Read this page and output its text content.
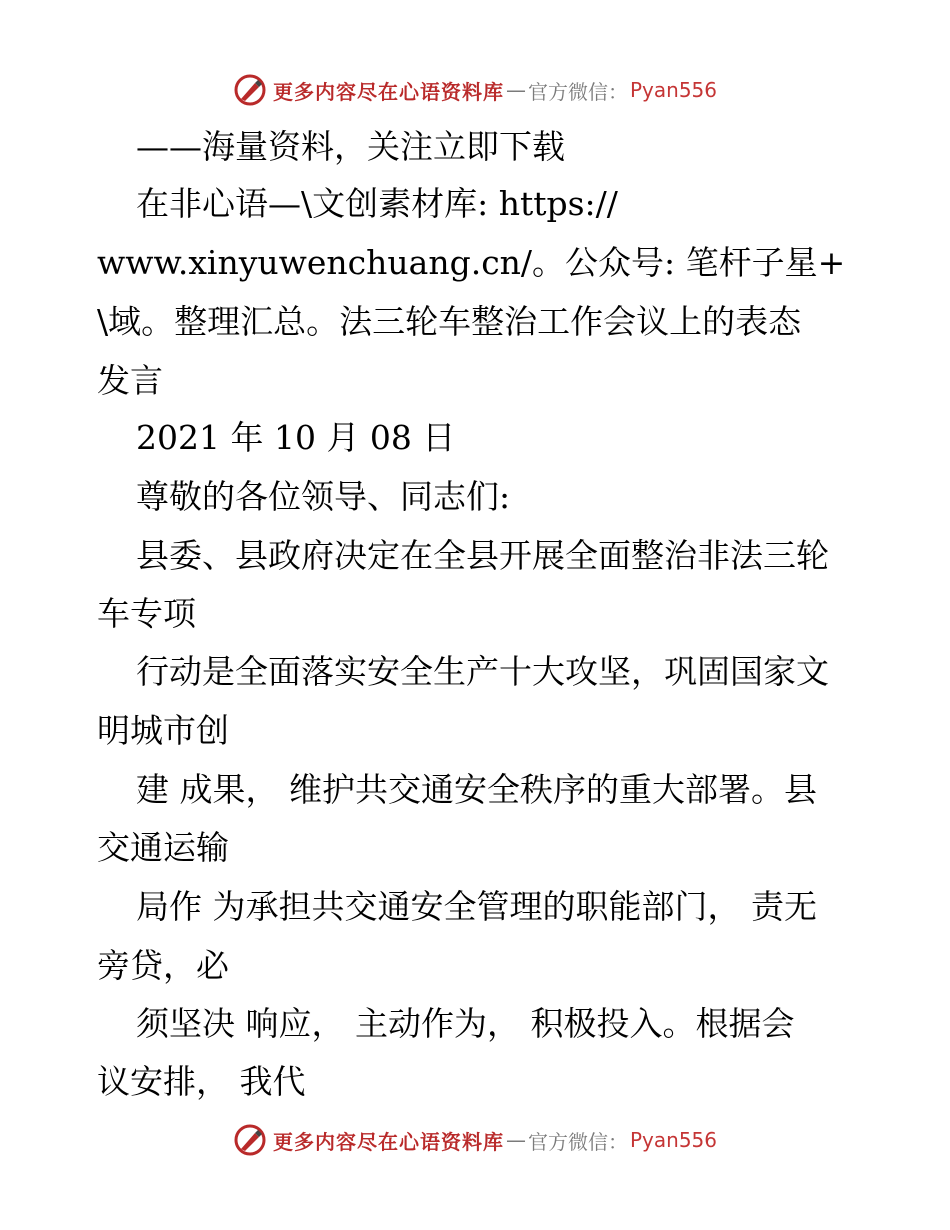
更多内容尽在心语资料库 — 官方微信： Pyan556
——海量资料，关注立即下载
在非心语—\文创素材库: https://
www.xinyuwenchuang.cn/。公众号: 笔杆子星+
\域。整理汇总。法三轮车整治工作会议上的表态
发言
2021 年 10 月 08 日
尊敬的各位领导、同志们:
县委、县政府决定在全县开展全面整治非法三轮
车专项
行动是全面落实安全生产十大攻坚，巩固国家文
明城市创
建 成果， 维护共交通安全秩序的重大部署。县
交通运输
局作 为承担共交通安全管理的职能部门， 责无
旁贷，必
须坚决 响应， 主动作为， 积极投入。根据会
议安排， 我代
更多内容尽在心语资料库 — 官方微信： Pyan556
